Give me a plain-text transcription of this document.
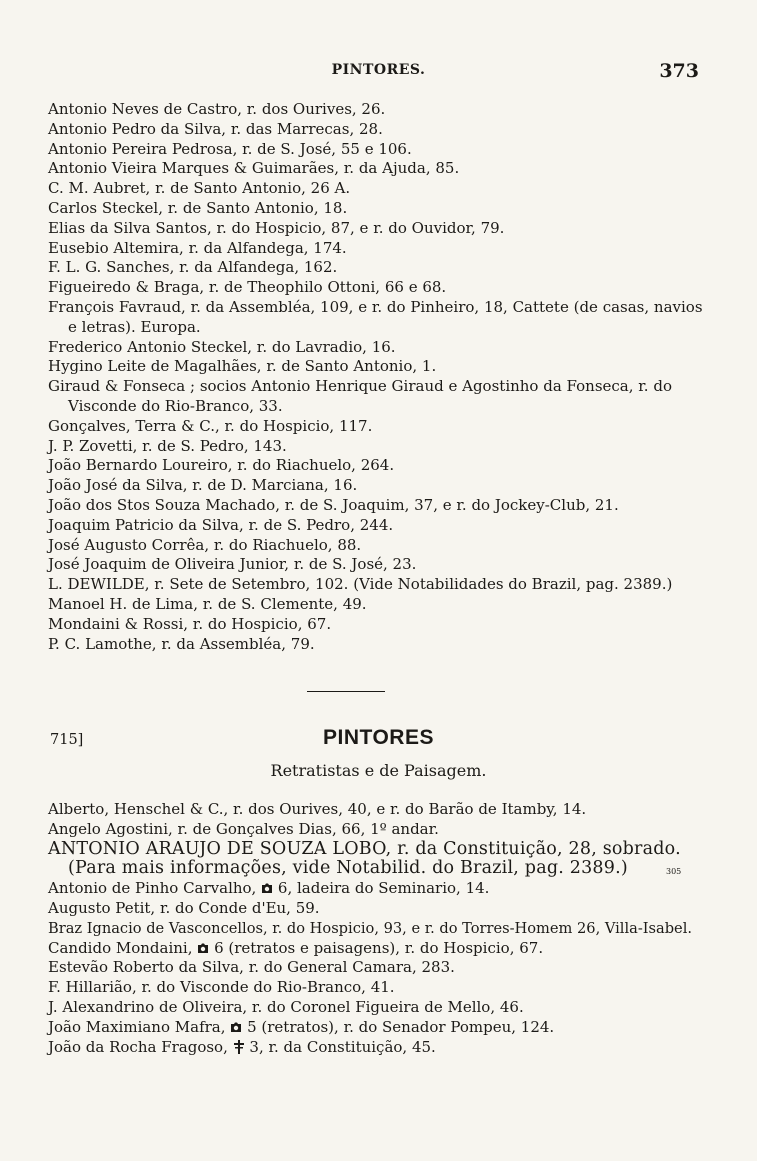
PINTORES.	373
Antonio Neves de Castro, r. dos Ourives, 26.
Antonio Pedro da Silva, r. das Marrecas, 28.
Antonio Pereira Pedrosa, r. de S. José, 55 e 106.
Antonio Vieira Marques & Guimarães, r. da Ajuda, 85.
C. M. Aubret, r. de Santo Antonio, 26 A.
Carlos Steckel, r. de Santo Antonio, 18.
Elias da Silva Santos, r. do Hospicio, 87, e r. do Ouvidor, 79.
Eusebio Altemira, r. da Alfandega, 174.
F. L. G. Sanches, r. da Alfandega, 162.
Figueiredo & Braga, r. de Theophilo Ottoni, 66 e 68.
François Favraud, r. da Assembléa, 109, e r. do Pinheiro, 18, Cattete (de casas, navios e letras). Europa.
Frederico Antonio Steckel, r. do Lavradio, 16.
Hygino Leite de Magalhães, r. de Santo Antonio, 1.
Giraud & Fonseca ; socios Antonio Henrique Giraud e Agostinho da Fonseca, r. do Visconde do Rio-Branco, 33.
Gonçalves, Terra & C., r. do Hospicio, 117.
J. P. Zovetti, r. de S. Pedro, 143.
João Bernardo Loureiro, r. do Riachuelo, 264.
João José da Silva, r. de D. Marciana, 16.
João dos Stos Souza Machado, r. de S. Joaquim, 37, e r. do Jockey-Club, 21.
Joaquim Patricio da Silva, r. de S. Pedro, 244.
José Augusto Corrêa, r. do Riachuelo, 88.
José Joaquim de Oliveira Junior, r. de S. José, 23.
L. DEWILDE, r. Sete de Setembro, 102. (Vide Notabilidades do Brazil, pag. 2389.)
Manoel H. de Lima, r. de S. Clemente, 49.
Mondaini & Rossi, r. do Hospicio, 67.
P. C. Lamothe, r. da Assembléa, 79.
715]	PINTORES
Retratistas e de Paisagem.
Alberto, Henschel & C., r. dos Ourives, 40, e r. do Barão de Itamby, 14.
Angelo Agostini, r. de Gonçalves Dias, 66, 1º andar.
ANTONIO ARAUJO DE SOUZA LOBO, r. da Constituição, 28, sobrado. (Para mais informações, vide Notabilid. do Brazil, pag. 2389.)
Antonio de Pinho Carvalho, 6, ladeira do Seminario, 14.
Augusto Petit, r. do Conde d'Eu, 59.
Braz Ignacio de Vasconcellos, r. do Hospicio, 93, e r. do Torres-Homem 26, Villa-Isabel.
Candido Mondaini, 6 (retratos e paisagens), r. do Hospicio, 67.
Estevão Roberto da Silva, r. do General Camara, 283.
F. Hillarião, r. do Visconde do Rio-Branco, 41.
J. Alexandrino de Oliveira, r. do Coronel Figueira de Mello, 46.
João Maximiano Mafra, 5 (retratos), r. do Senador Pompeu, 124.
João da Rocha Fragoso, 3, r. da Constituição, 45.
305
